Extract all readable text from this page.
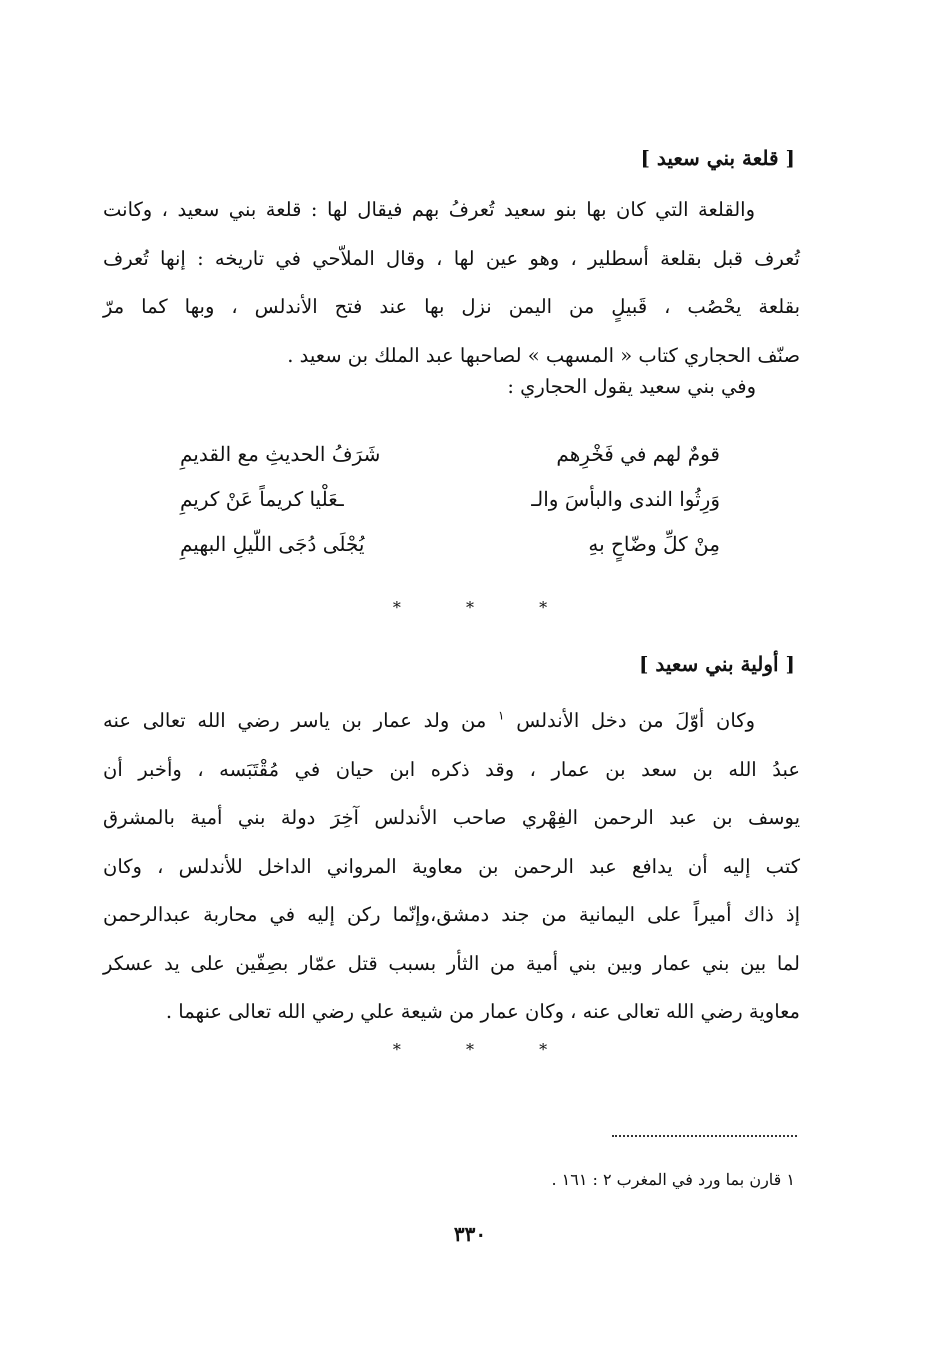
[ قلعة بني سعيد ]
والقلعة التي كان بها بنو سعيد تُعرفُ بهم فيقال لها : قلعة بني سعيد ، وكانت
تُعرف قبل بقلعة أسطلير ، وهو عين لها ، وقال الملاّحي في تاريخه : إنها تُعرف
بقلعة يحْصُب ، قَبيلٍ من اليمن نزل بها عند فتح الأندلس ، وبها كما مرّ
صنّف الحجاري كتاب « المسهب » لصاحبها عبد الملك بن سعيد .
وفي بني سعيد يقول الحجاري :
قومٌ لهم في فَخْرِهم
شَرَفُ الحديثِ مع القديمِ
وَرِثُوا الندى والبأسَ والـ
ـعَلْيا كريماً عَنْ كريمِ
مِنْ كلِّ وضّاحٍ بهِ
يُجْلَى دُجَى اللّيلِ البهيمِ
* * *
[ أولية بني سعيد ]
وكان أوّلَ من دخل الأندلس $^١$ من ولد عمار بن ياسر رضي الله تعالى عنه
عبدُ الله بن سعد بن عمار ، وقد ذكره ابن حيان في مُقْتَبَسه ، وأخبر أن
يوسف بن عبد الرحمن الفِهْري صاحب الأندلس آخِرَ دولة بني أمية بالمشرق
كتب إليه أن يدافع عبد الرحمن بن معاوية المرواني الداخل للأندلس ، وكان
إذ ذاك أميراً على اليمانية من جند دمشق،وإنّما ركن إليه في محاربة عبدالرحمن
لما بين بني عمار وبين بني أمية من الثأر بسبب قتل عمّار بصِفّين على يد عسكر
معاوية رضي الله تعالى عنه ، وكان عمار من شيعة علي رضي الله تعالى عنهما .
* * *
١ قارن بما ورد في المغرب ٢ : ١٦١ .
٣٣٠
